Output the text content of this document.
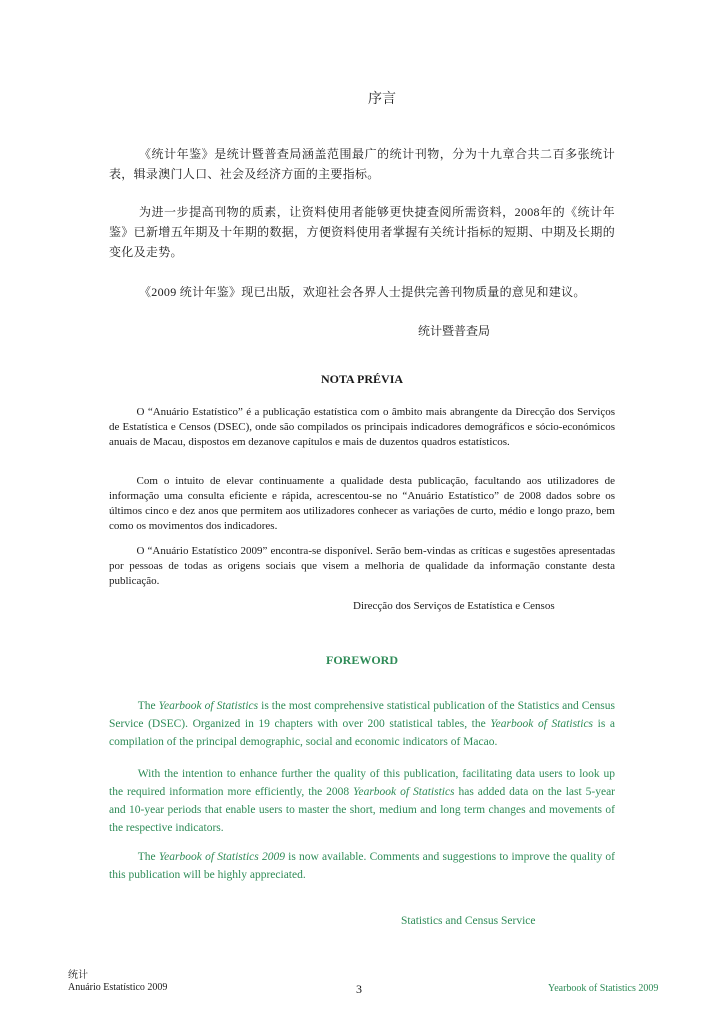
序言

《统计年鉴》是统计暨普查局涵盖范围最广的统计刊物，分为十九章合共二百多张统计表，辑录澳门人口、社会及经济方面的主要指标。

为进一步提高刊物的质素，让资料使用者能够更快捷查阅所需资料，2008年的《统计年鉴》已新增五年期及十年期的数据，方便资料使用者掌握有关统计指标的短期、中期及长期的变化及走势。

《2009 统计年鉴》现已出版，欢迎社会各界人士提供完善刊物质量的意见和建议。

统计暨普查局
NOTA PRÉVIA

O “Anuário Estatístico” é a publicação estatística com o âmbito mais abrangente da Direcção dos Serviços de Estatística e Censos (DSEC), onde são compilados os principais indicadores demográficos e sócio-económicos anuais de Macau, dispostos em dezanove capítulos e mais de duzentos quadros estatísticos.

Com o intuito de elevar continuamente a qualidade desta publicação, facultando aos utilizadores de informação uma consulta eficiente e rápida, acrescentou-se no “Anuário Estatístico” de 2008 dados sobre os últimos cinco e dez anos que permitem aos utilizadores conhecer as variações de curto, médio e longo prazo, bem como os movimentos dos indicadores.

O “Anuário Estatístico 2009” encontra-se disponível. Serão bem-vindas as críticas e sugestões apresentadas por pessoas de todas as origens sociais que visem a melhoria de qualidade da informação constante desta publicação.

Direcção dos Serviços de Estatística e Censos
FOREWORD

The Yearbook of Statistics is the most comprehensive statistical publication of the Statistics and Census Service (DSEC). Organized in 19 chapters with over 200 statistical tables, the Yearbook of Statistics is a compilation of the principal demographic, social and economic indicators of Macao.

With the intention to enhance further the quality of this publication, facilitating data users to look up the required information more efficiently, the 2008 Yearbook of Statistics has added data on the last 5-year and 10-year periods that enable users to master the short, medium and long term changes and movements of the respective indicators.

The Yearbook of Statistics 2009 is now available. Comments and suggestions to improve the quality of this publication will be highly appreciated.

Statistics and Census Service
统计
Anuário Estatístico 2009	3	Yearbook of Statistics 2009
